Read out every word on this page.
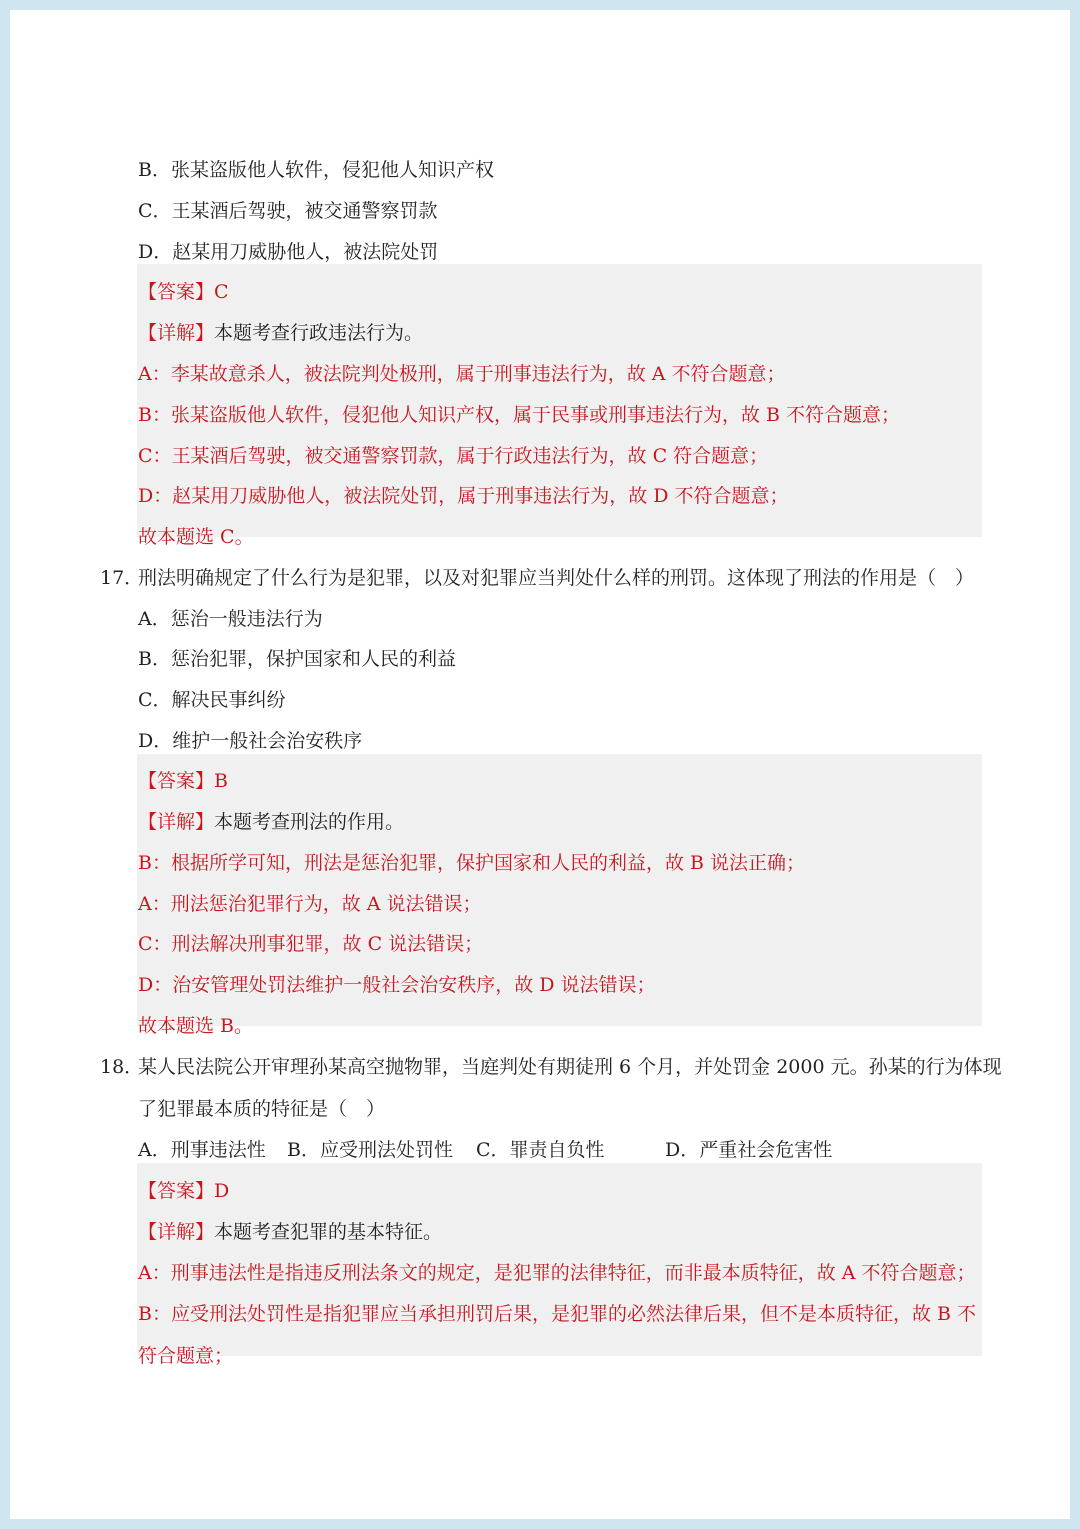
B．张某盗版他人软件，侵犯他人知识产权
C．王某酒后驾驶，被交通警察罚款
D．赵某用刀威胁他人，被法院处罚
【答案】C
【详解】本题考查行政违法行为。
A：李某故意杀人，被法院判处极刑，属于刑事违法行为，故 A 不符合题意；
B：张某盗版他人软件，侵犯他人知识产权，属于民事或刑事违法行为，故 B 不符合题意；
C：王某酒后驾驶，被交通警察罚款，属于行政违法行为，故 C 符合题意；
D：赵某用刀威胁他人，被法院处罚，属于刑事违法行为，故 D 不符合题意；
故本题选 C。
17．
刑法明确规定了什么行为是犯罪，以及对犯罪应当判处什么样的刑罚。这体现了刑法的作用是（　）
A．惩治一般违法行为
B．惩治犯罪，保护国家和人民的利益
C．解决民事纠纷
D．维护一般社会治安秩序
【答案】B
【详解】本题考查刑法的作用。
B：根据所学可知，刑法是惩治犯罪，保护国家和人民的利益，故 B 说法正确；
A：刑法惩治犯罪行为，故 A 说法错误；
C：刑法解决刑事犯罪，故 C 说法错误；
D：治安管理处罚法维护一般社会治安秩序，故 D 说法错误；
故本题选 B。
18．
某人民法院公开审理孙某高空抛物罪，当庭判处有期徒刑 6 个月，并处罚金 2000 元。孙某的行为体现
了犯罪最本质的特征是（　）
A．刑事违法性 B．应受刑法处罚性 C．罪责自负性	D．严重社会危害性
【答案】D
【详解】本题考查犯罪的基本特征。
A：刑事违法性是指违反刑法条文的规定，是犯罪的法律特征，而非最本质特征，故 A 不符合题意；
B：应受刑法处罚性是指犯罪应当承担刑罚后果，是犯罪的必然法律后果，但不是本质特征，故 B 不
符合题意；
